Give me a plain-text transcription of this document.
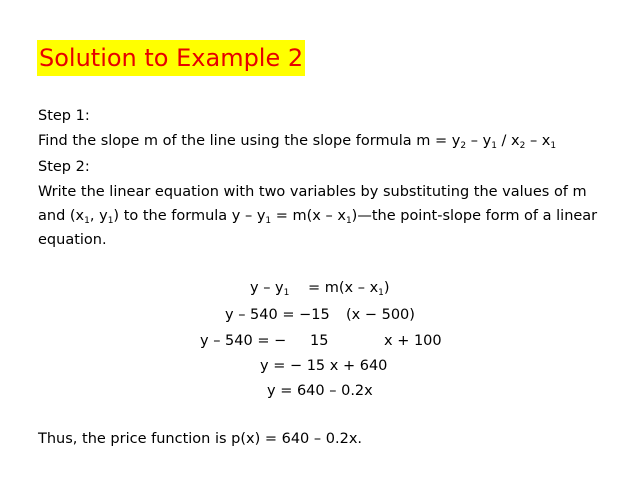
Solution to Example 2
Step 1:
Find the slope m of the line using the slope formula $m = y_2 - y_1 / x_2 - x_1$
Step 2:
Write the linear equation with two variables by substituting the values of m and ($x_1$, $y_1$) to the formula $y - y_1 = m(x$ – $x_1)—the$ point-slope form of a linear equation.
$y - y_1 = m(x - x_1)$
y – 540 = −15 (x − 500)
y – 540 = − 15	x + 100
y = − 15 x + 640
y = 640 – 0.2x
Thus, the price function is p(x) = 640 – 0.2x.
